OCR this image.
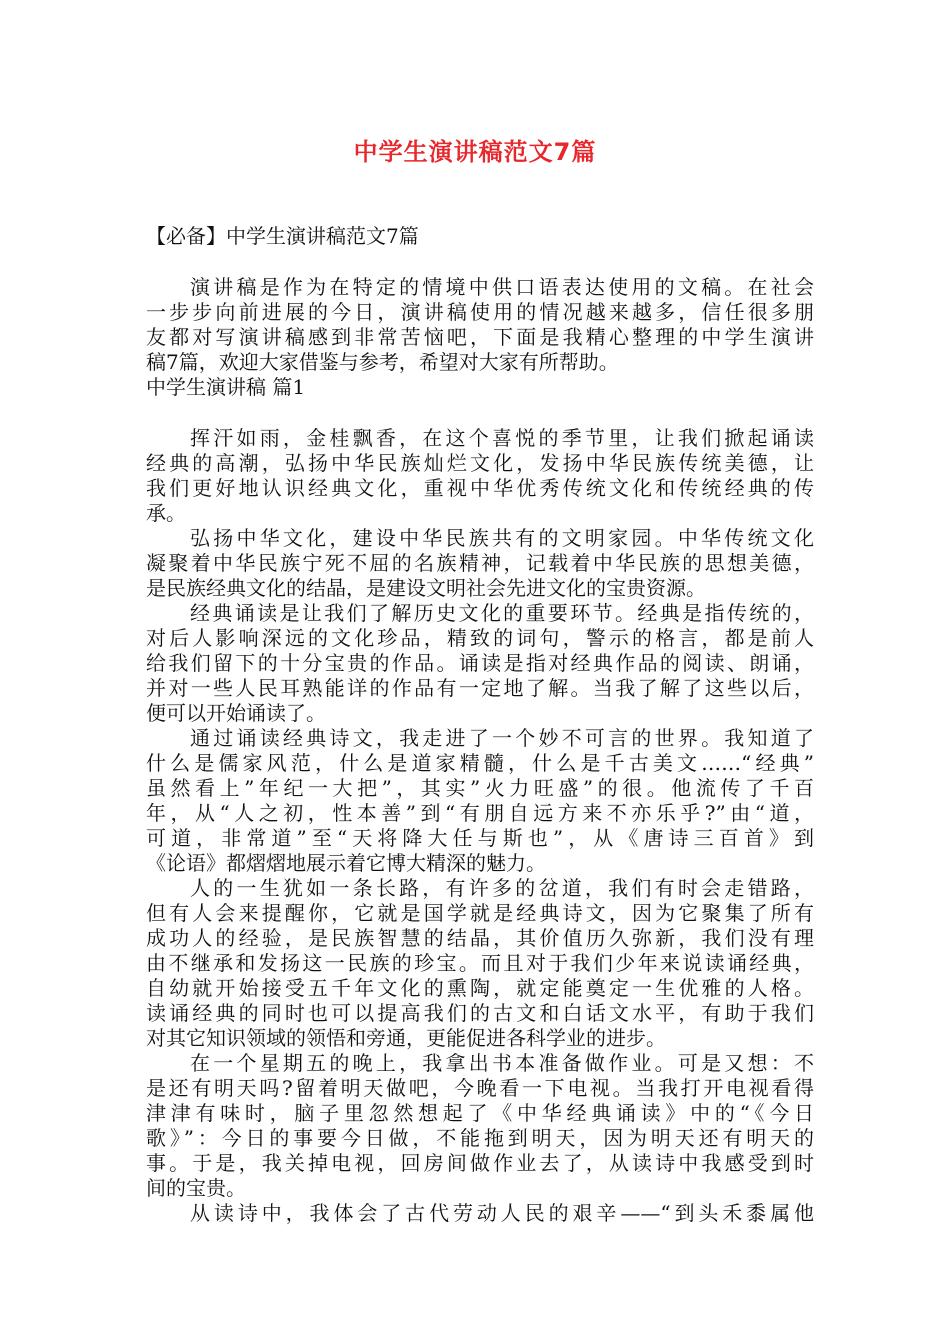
中学生演讲稿范文7篇
【必备】中学生演讲稿范文7篇
演讲稿是作为在特定的情境中供口语表达使用的文稿。在社会
一步步向前进展的今日，演讲稿使用的情况越来越多，信任很多朋
友都对写演讲稿感到非常苦恼吧，下面是我精心整理的中学生演讲
稿7篇，欢迎大家借鉴与参考，希望对大家有所帮助。
中学生演讲稿 篇1
挥汗如雨，金桂飘香，在这个喜悦的季节里，让我们掀起诵读
经典的高潮，弘扬中华民族灿烂文化，发扬中华民族传统美德，让
我们更好地认识经典文化，重视中华优秀传统文化和传统经典的传
承。
弘扬中华文化，建设中华民族共有的文明家园。中华传统文化
凝聚着中华民族宁死不屈的名族精神，记载着中华民族的思想美德，
是民族经典文化的结晶，是建设文明社会先进文化的宝贵资源。
经典诵读是让我们了解历史文化的重要环节。经典是指传统的，
对后人影响深远的文化珍品，精致的词句，警示的格言，都是前人
给我们留下的十分宝贵的作品。诵读是指对经典作品的阅读、朗诵，
并对一些人民耳熟能详的作品有一定地了解。当我了解了这些以后，
便可以开始诵读了。
通过诵读经典诗文，我走进了一个妙不可言的世界。我知道了
什么是儒家风范，什么是道家精髓，什么是千古美文……“经典”
虽然看上”年纪一大把”，其实”火力旺盛”的很。他流传了千百
年，从“人之初，性本善”到“有朋自远方来不亦乐乎?”由“道，
可道，非常道”至“天将降大任与斯也”，从《唐诗三百首》到
《论语》都熠熠地展示着它博大精深的魅力。
人的一生犹如一条长路，有许多的岔道，我们有时会走错路，
但有人会来提醒你，它就是国学就是经典诗文，因为它聚集了所有
成功人的经验，是民族智慧的结晶，其价值历久弥新，我们没有理
由不继承和发扬这一民族的珍宝。而且对于我们少年来说读诵经典，
自幼就开始接受五千年文化的熏陶，就定能奠定一生优雅的人格。
读诵经典的同时也可以提高我们的古文和白话文水平，有助于我们
对其它知识领域的领悟和旁通，更能促进各科学业的进步。
在一个星期五的晚上，我拿出书本准备做作业。可是又想：不
是还有明天吗?留着明天做吧，今晚看一下电视。当我打开电视看得
津津有味时，脑子里忽然想起了《中华经典诵读》中的“《今日
歌》”：今日的事要今日做，不能拖到明天，因为明天还有明天的
事。于是，我关掉电视，回房间做作业去了，从读诗中我感受到时
间的宝贵。
从读诗中，我体会了古代劳动人民的艰辛——“到头禾黍属他
